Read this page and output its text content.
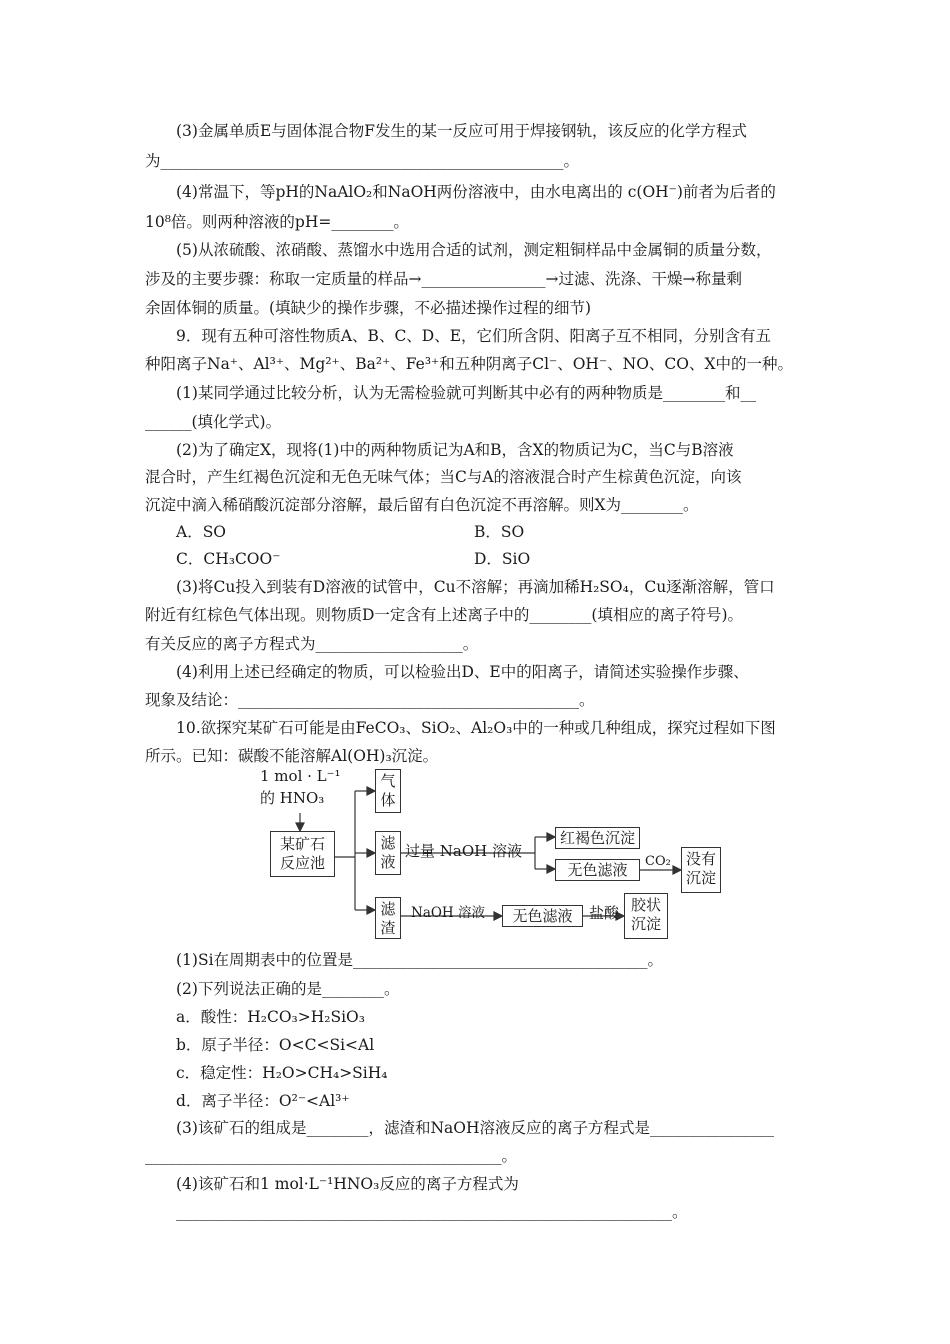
(3)金属单质E与固体混合物F发生的某一反应可用于焊接钢轨，该反应的化学方程式
为____________________________________________________。
(4)常温下，等pH的NaAlO₂和NaOH两份溶液中，由水电离出的 c(OH⁻)前者为后者的
10⁸倍。则两种溶液的pH=________。
(5)从浓硫酸、浓硝酸、蒸馏水中选用合适的试剂，测定粗铜样品中金属铜的质量分数，
涉及的主要步骤：称取一定质量的样品→________________→过滤、洗涤、干燥→称量剩
余固体铜的质量。(填缺少的操作步骤，不必描述操作过程的细节)
9．现有五种可溶性物质A、B、C、D、E，它们所含阴、阳离子互不相同，分别含有五
种阳离子Na⁺、Al³⁺、Mg²⁺、Ba²⁺、Fe³⁺和五种阴离子Cl⁻、OH⁻、NO、CO、X中的一种。
(1)某同学通过比较分析，认为无需检验就可判断其中必有的两种物质是________和__
______(填化学式)。
(2)为了确定X，现将(1)中的两种物质记为A和B，含X的物质记为C，当C与B溶液
混合时，产生红褐色沉淀和无色无味气体；当C与A的溶液混合时产生棕黄色沉淀，向该
沉淀中滴入稀硝酸沉淀部分溶解，最后留有白色沉淀不再溶解。则X为________。
A．SO	B．SO
C．CH₃COO⁻	D．SiO
(3)将Cu投入到装有D溶液的试管中，Cu不溶解；再滴加稀H₂SO₄，Cu逐渐溶解，管口
附近有红棕色气体出现。则物质D一定含有上述离子中的________(填相应的离子符号)。
有关反应的离子方程式为___________________。
(4)利用上述已经确定的物质，可以检验出D、E中的阳离子，请简述实验操作步骤、
现象及结论：____________________________________________。
10.欲探究某矿石可能是由FeCO₃、SiO₂、Al₂O₃中的一种或几种组成，探究过程如下图
所示。已知：碳酸不能溶解Al(OH)₃沉淀。
1 mol · L⁻¹
的 HNO₃
某矿石反应池
气体
滤液
滤渣
过量 NaOH 溶液
红褐色沉淀
无色滤液	CO₂	没有沉淀
NaOH 溶液	无色滤液	盐酸 胶状沉淀
(1)Si在周期表中的位置是______________________________________。
(2)下列说法正确的是________。
a．酸性：H₂CO₃>H₂SiO₃
b．原子半径：O<C<Si<Al
c．稳定性：H₂O>CH₄>SiH₄
d．离子半径：O²⁻<Al³⁺
(3)该矿石的组成是________，滤渣和NaOH溶液反应的离子方程式是________________
______________________________________________。
(4)该矿石和1 mol·L⁻¹HNO₃反应的离子方程式为
________________________________________________________________。
